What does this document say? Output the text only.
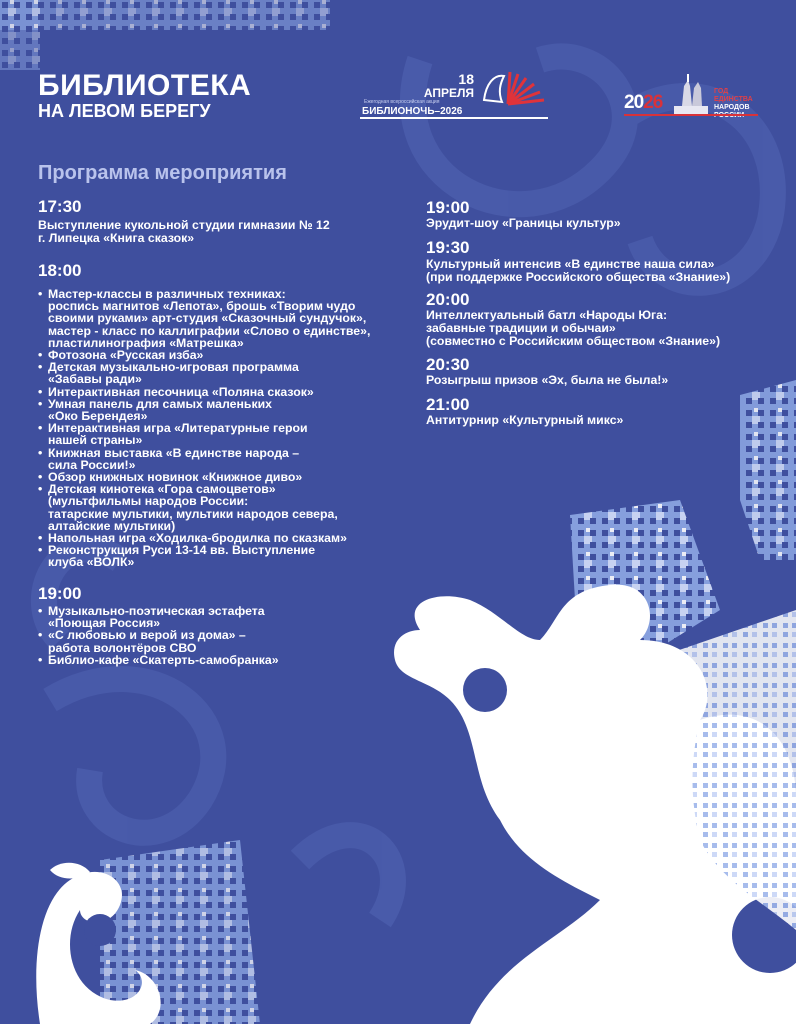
БИБЛИОТЕКА
НА ЛЕВОМ БЕРЕГУ
18
АПРЕЛЯ
Ежегодная всероссийская акция
БИБЛИОНОЧЬ–2026	2026
ГОД
ЕДИНСТВА
НАРОДОВ
Программа мероприятия
17:30
Выступление кукольной студии гимназии № 12
г. Липецка «Книга сказок»
18:00
• Мастер-классы в различных техниках:
роспись магнитов «Лепота», брошь «Творим чудо
своими руками» арт-студия «Сказочный сундучок»,
мастер - класс по каллиграфии «Слово о единстве»,
пластилинография «Матрешка»
• Фотозона «Русская изба»
• Детская музыкально-игровая программа
«Забавы ради»
• Интерактивная песочница «Поляна сказок»
• Умная панель для самых маленьких
«Око Берендея»
• Интерактивная игра «Литературные герои
нашей страны»
• Книжная выставка «В единстве народа –
сила России!»
• Обзор книжных новинок «Книжное диво»
• Детская кинотека «Гора самоцветов»
(мультфильмы народов России:
татарские мультики, мультики народов севера,
алтайские мультики)
• Напольная игра «Ходилка-бродилка по сказкам»
• Реконструкция Руси 13-14 вв. Выступление
клуба «ВОЛК»
19:00
• Музыкально-поэтическая эстафета
«Поющая Россия»
• «С любовью и верой из дома» –
работа волонтёров СВО
• Библио-кафе «Скатерть-самобранка»
19:00
Эрудит-шоу «Границы культур»
19:30
Культурный интенсив «В единстве наша сила»
(при поддержке Российского общества «Знание»)
20:00
Интеллектуальный батл «Народы Юга:
забавные традиции и обычаи»
(совместно с Российским обществом «Знание»)
20:30
Розыгрыш призов «Эх, была не была!»
21:00
Антитурнир «Культурный микс»
